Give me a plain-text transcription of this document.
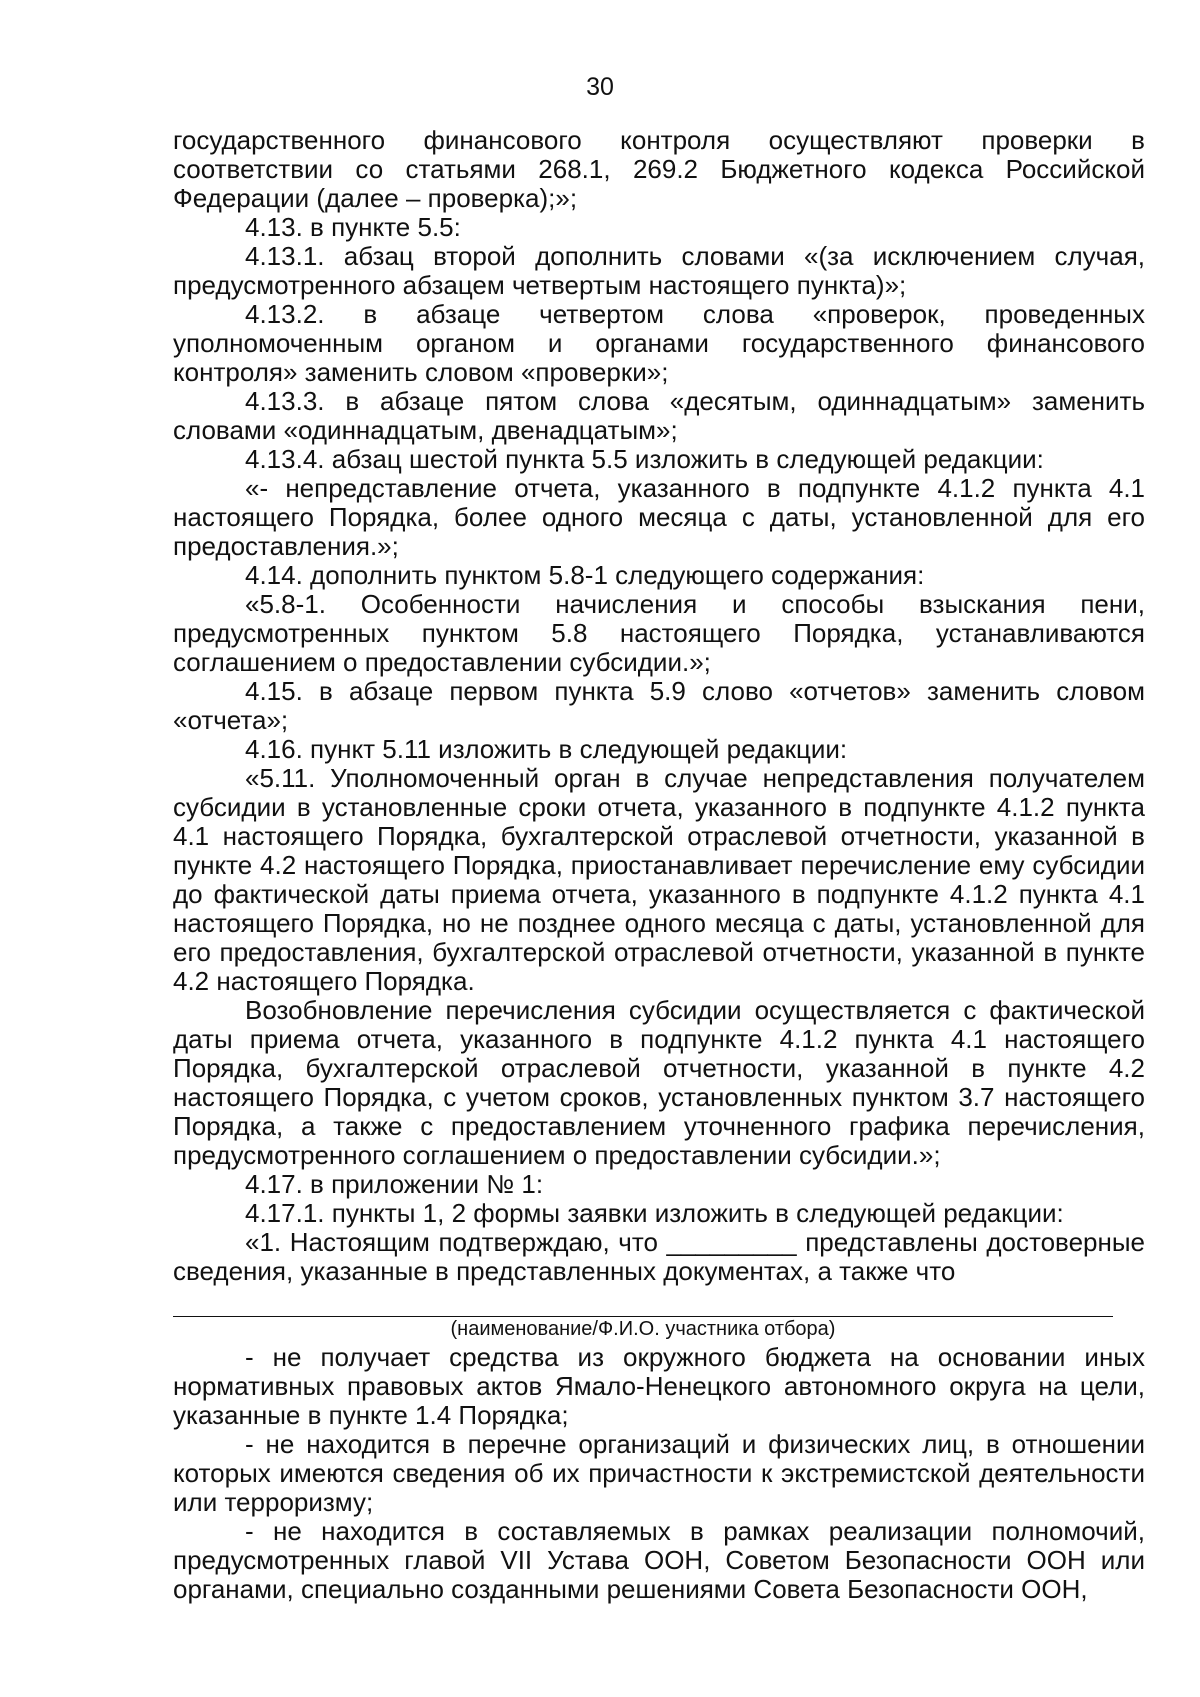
30

государственного финансового контроля осуществляют проверки в соответствии со статьями 268.1, 269.2 Бюджетного кодекса Российской Федерации (далее – проверка);»;

4.13. в пункте 5.5:

4.13.1. абзац второй дополнить словами «(за исключением случая, предусмотренного абзацем четвертым настоящего пункта)»;

4.13.2. в абзаце четвертом слова «проверок, проведенных уполномоченным органом и органами государственного финансового контроля» заменить словом «проверки»;

4.13.3. в абзаце пятом слова «десятым, одиннадцатым» заменить словами «одиннадцатым, двенадцатым»;

4.13.4. абзац шестой пункта 5.5 изложить в следующей редакции:

«- непредставление отчета, указанного в подпункте 4.1.2 пункта 4.1 настоящего Порядка, более одного месяца с даты, установленной для его предоставления.»;

4.14. дополнить пунктом 5.8-1 следующего содержания:

«5.8-1. Особенности начисления и способы взыскания пени, предусмотренных пунктом 5.8 настоящего Порядка, устанавливаются соглашением о предоставлении субсидии.»;

4.15. в абзаце первом пункта 5.9 слово «отчетов» заменить словом «отчета»;

4.16. пункт 5.11 изложить в следующей редакции:

«5.11. Уполномоченный орган в случае непредставления получателем субсидии в установленные сроки отчета, указанного в подпункте 4.1.2 пункта 4.1 настоящего Порядка, бухгалтерской отраслевой отчетности, указанной в пункте 4.2 настоящего Порядка, приостанавливает перечисление ему субсидии до фактической даты приема отчета, указанного в подпункте 4.1.2 пункта 4.1 настоящего Порядка, но не позднее одного месяца с даты, установленной для его предоставления, бухгалтерской отраслевой отчетности, указанной в пункте 4.2 настоящего Порядка.

Возобновление перечисления субсидии осуществляется с фактической даты приема отчета, указанного в подпункте 4.1.2 пункта 4.1 настоящего Порядка, бухгалтерской отраслевой отчетности, указанной в пункте 4.2 настоящего Порядка, с учетом сроков, установленных пунктом 3.7 настоящего Порядка, а также с предоставлением уточненного графика перечисления, предусмотренного соглашением о предоставлении субсидии.»;

4.17. в приложении № 1:

4.17.1. пункты 1, 2 формы заявки изложить в следующей редакции:

«1. Настоящим подтверждаю, что _________ представлены достоверные сведения, указанные в представленных документах, а также что

(наименование/Ф.И.О. участника отбора)

- не получает средства из окружного бюджета на основании иных нормативных правовых актов Ямало-Ненецкого автономного округа на цели, указанные в пункте 1.4 Порядка;

- не находится в перечне организаций и физических лиц, в отношении которых имеются сведения об их причастности к экстремистской деятельности или терроризму;

- не находится в составляемых в рамках реализации полномочий, предусмотренных главой VII Устава ООН, Советом Безопасности ООН или органами, специально созданными решениями Совета Безопасности ООН,
